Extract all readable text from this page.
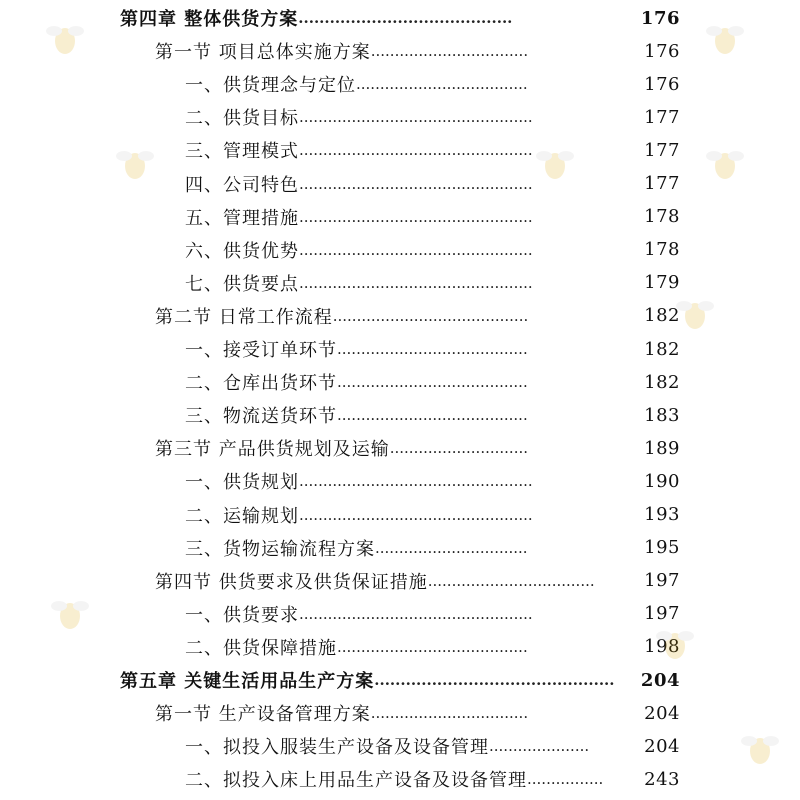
第四章 整体供货方案 .........................................	176
第一节 项目总体实施方案 .................................	176
一、供货理念与定位 ....................................	176
二、供货目标 .................................................	177
三、管理模式 .................................................	177
四、公司特色 .................................................	177
五、管理措施 .................................................	178
六、供货优势 .................................................	178
七、供货要点 .................................................	179
第二节 日常工作流程 .........................................	182
一、接受订单环节 ........................................	182
二、仓库出货环节 ........................................	182
三、物流送货环节 ........................................	183
第三节 产品供货规划及运输 .............................	189
一、供货规划 .................................................	190
二、运输规划 .................................................	193
三、货物运输流程方案 ................................	195
第四节 供货要求及供货保证措施 ...................................	197
一、供货要求 .................................................	197
二、供货保障措施 ........................................	198
第五章 关键生活用品生产方案 .............................................. 204
第一节 生产设备管理方案 .................................	204
一、拟投入服装生产设备及设备管理 .....................	204
二、拟投入床上用品生产设备及设备管理 ................ 243
